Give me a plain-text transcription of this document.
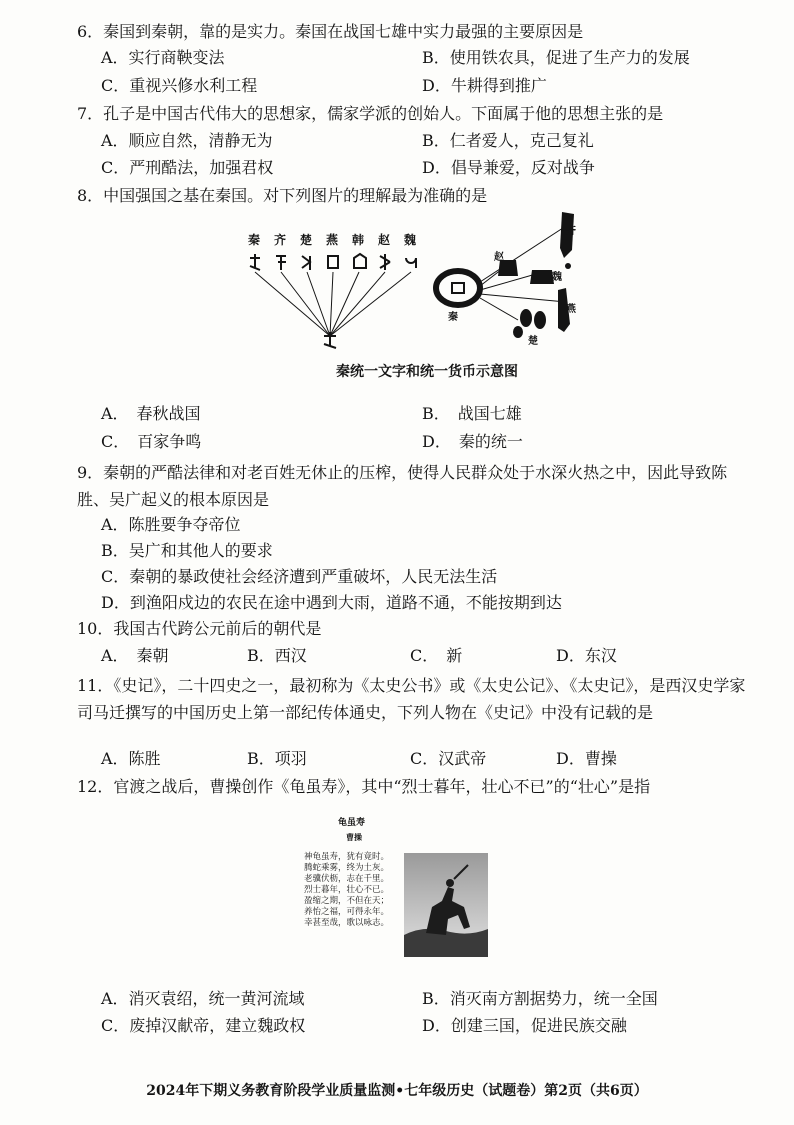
6．秦国到秦朝，靠的是实力。秦国在战国七雄中实力最强的主要原因是
A．实行商鞅变法	B．使用铁农具，促进了生产力的发展
C．重视兴修水利工程	D．牛耕得到推广
7．孔子是中国古代伟大的思想家，儒家学派的创始人。下面属于他的思想主张的是
A．顺应自然，清静无为	B．仁者爱人，克己复礼
C．严刑酷法，加强君权	D．倡导兼爱，反对战争
8．中国强国之基在秦国。对下列图片的理解最为准确的是
秦 齐 楚 燕 韩 赵 魏
齐
赵
魏
燕
秦
楚
秦统一文字和统一货币示意图
A．　春秋战国	B．　战国七雄
C．　百家争鸣	D．　秦的统一
9．秦朝的严酷法律和对老百姓无休止的压榨，使得人民群众处于水深火热之中，因此导致陈胜、吴广起义的根本原因是
A．陈胜要争夺帝位
B．吴广和其他人的要求
C．秦朝的暴政使社会经济遭到严重破坏，人民无法生活
D．到渔阳戍边的农民在途中遇到大雨，道路不通，不能按期到达
10．我国古代跨公元前后的朝代是
A．　秦朝	B．西汉	C．　新	D．东汉
11．《史记》，二十四史之一，最初称为《太史公书》或《太史公记》、《太史记》，是西汉史学家司马迁撰写的中国历史上第一部纪传体通史，下列人物在《史记》中没有记载的是
A．陈胜	B．项羽	C．汉武帝	D．曹操
12．官渡之战后，曹操创作《龟虽寿》，其中“烈士暮年，壮心不已”的“壮心”是指
龟虽寿
曹操
神龟虽寿，犹有竟时。
腾蛇乘雾，终为土灰。
老骥伏枥，志在千里。
烈士暮年，壮心不已。
盈缩之期，不但在天；
养怡之福，可得永年。
幸甚至哉，歌以咏志。
A．消灭袁绍，统一黄河流域	B．消灭南方割据势力，统一全国
C．废掉汉献帝，建立魏政权	D．创建三国，促进民族交融
2024年下期义务教育阶段学业质量监测•七年级历史（试题卷）第2页（共6页）
